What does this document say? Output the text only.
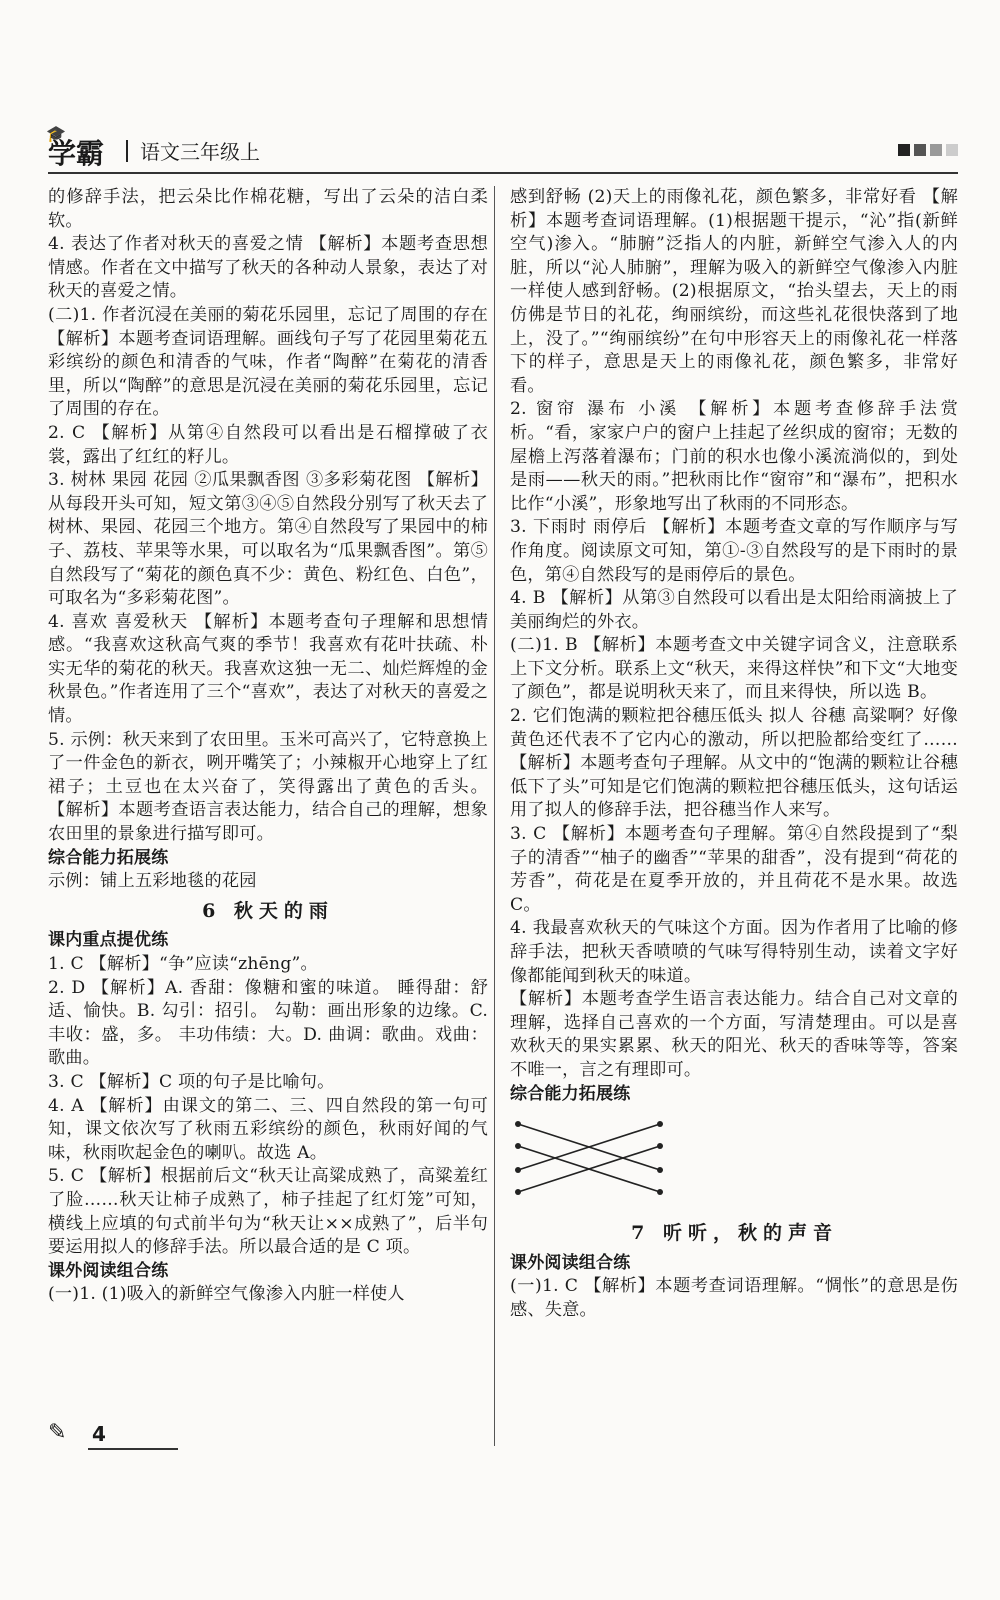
🎓
学霸 语文三年级上

的修辞手法，把云朵比作棉花糖，写出了云朵的洁白柔软。

4. 表达了作者对秋天的喜爱之情 【解析】本题考查思想情感。作者在文中描写了秋天的各种动人景象，表达了对秋天的喜爱之情。

(二)1. 作者沉浸在美丽的菊花乐园里，忘记了周围的存在 【解析】本题考查词语理解。画线句子写了花园里菊花五彩缤纷的颜色和清香的气味，作者“陶醉”在菊花的清香里，所以“陶醉”的意思是沉浸在美丽的菊花乐园里，忘记了周围的存在。

2. C 【解析】从第④自然段可以看出是石榴撑破了衣裳，露出了红红的籽儿。

3. 树林 果园 花园 ②瓜果飘香图 ③多彩菊花图 【解析】从每段开头可知，短文第③④⑤自然段分别写了秋天去了树林、果园、花园三个地方。第④自然段写了果园中的柿子、荔枝、苹果等水果，可以取名为“瓜果飘香图”。第⑤自然段写了“菊花的颜色真不少：黄色、粉红色、白色”，可取名为“多彩菊花图”。

4. 喜欢 喜爱秋天 【解析】本题考查句子理解和思想情感。“我喜欢这秋高气爽的季节！我喜欢有花叶扶疏、朴实无华的菊花的秋天。我喜欢这独一无二、灿烂辉煌的金秋景色。”作者连用了三个“喜欢”，表达了对秋天的喜爱之情。

5. 示例：秋天来到了农田里。玉米可高兴了，它特意换上了一件金色的新衣，咧开嘴笑了；小辣椒开心地穿上了红裙子；土豆也在太兴奋了，笑得露出了黄色的舌头。 【解析】本题考查语言表达能力，结合自己的理解，想象农田里的景象进行描写即可。

综合能力拓展练

示例：铺上五彩地毯的花园

6 秋天的雨

课内重点提优练

1. C 【解析】“争”应读“zhēng”。

2. D 【解析】A. 香甜：像糖和蜜的味道。 睡得甜：舒适、愉快。B. 勾引：招引。 勾勒：画出形象的边缘。C. 丰收：盛，多。 丰功伟绩：大。D. 曲调：歌曲。戏曲：歌曲。

3. C 【解析】C 项的句子是比喻句。

4. A 【解析】由课文的第二、三、四自然段的第一句可知，课文依次写了秋雨五彩缤纷的颜色，秋雨好闻的气味，秋雨吹起金色的喇叭。故选 A。

5. C 【解析】根据前后文“秋天让高粱成熟了，高粱羞红了脸……秋天让柿子成熟了，柿子挂起了红灯笼”可知，横线上应填的句式前半句为“秋天让××成熟了”，后半句要运用拟人的修辞手法。所以最合适的是 C 项。

课外阅读组合练

(一)1. (1)吸入的新鲜空气像渗入内脏一样使人

感到舒畅 (2)天上的雨像礼花，颜色繁多，非常好看 【解析】本题考查词语理解。(1)根据题干提示，“沁”指(新鲜空气)渗入。“肺腑”泛指人的内脏，新鲜空气渗入人的内脏，所以“沁人肺腑”，理解为吸入的新鲜空气像渗入内脏一样使人感到舒畅。(2)根据原文，“抬头望去，天上的雨仿佛是节日的礼花，绚丽缤纷，而这些礼花很快落到了地上，没了。”“绚丽缤纷”在句中形容天上的雨像礼花一样落下的样子，意思是天上的雨像礼花，颜色繁多，非常好看。

2. 窗帘 瀑布 小溪 【解析】本题考查修辞手法赏析。“看，家家户户的窗户上挂起了丝织成的窗帘；无数的屋檐上泻落着瀑布；门前的积水也像小溪流淌似的，到处是雨——秋天的雨。”把秋雨比作“窗帘”和“瀑布”，把积水比作“小溪”，形象地写出了秋雨的不同形态。

3. 下雨时 雨停后 【解析】本题考查文章的写作顺序与写作角度。阅读原文可知，第①-③自然段写的是下雨时的景色，第④自然段写的是雨停后的景色。

4. B 【解析】从第③自然段可以看出是太阳给雨滴披上了美丽绚烂的外衣。

(二)1. B 【解析】本题考查文中关键字词含义，注意联系上下文分析。联系上文“秋天，来得这样快”和下文“大地变了颜色”，都是说明秋天来了，而且来得快，所以选 B。

2. 它们饱满的颗粒把谷穗压低头 拟人 谷穗 高粱啊？好像黄色还代表不了它内心的激动，所以把脸都给变红了…… 【解析】本题考查句子理解。从文中的“饱满的颗粒让谷穗低下了头”可知是它们饱满的颗粒把谷穗压低头，这句话运用了拟人的修辞手法，把谷穗当作人来写。

3. C 【解析】本题考查句子理解。第④自然段提到了“梨子的清香”“柚子的幽香”“苹果的甜香”，没有提到“荷花的芳香”，荷花是在夏季开放的，并且荷花不是水果。故选 C。

4. 我最喜欢秋天的气味这个方面。因为作者用了比喻的修辞手法，把秋天香喷喷的气味写得特别生动，读着文字好像都能闻到秋天的味道。

【解析】本题考查学生语言表达能力。结合自己对文章的理解，选择自己喜欢的一个方面，写清楚理由。可以是喜欢秋天的果实累累、秋天的阳光、秋天的香味等等，答案不唯一，言之有理即可。

综合能力拓展练

7 听听，秋的声音

课外阅读组合练

(一)1. C 【解析】本题考查词语理解。“惆怅”的意思是伤感、失意。

✎ 4
